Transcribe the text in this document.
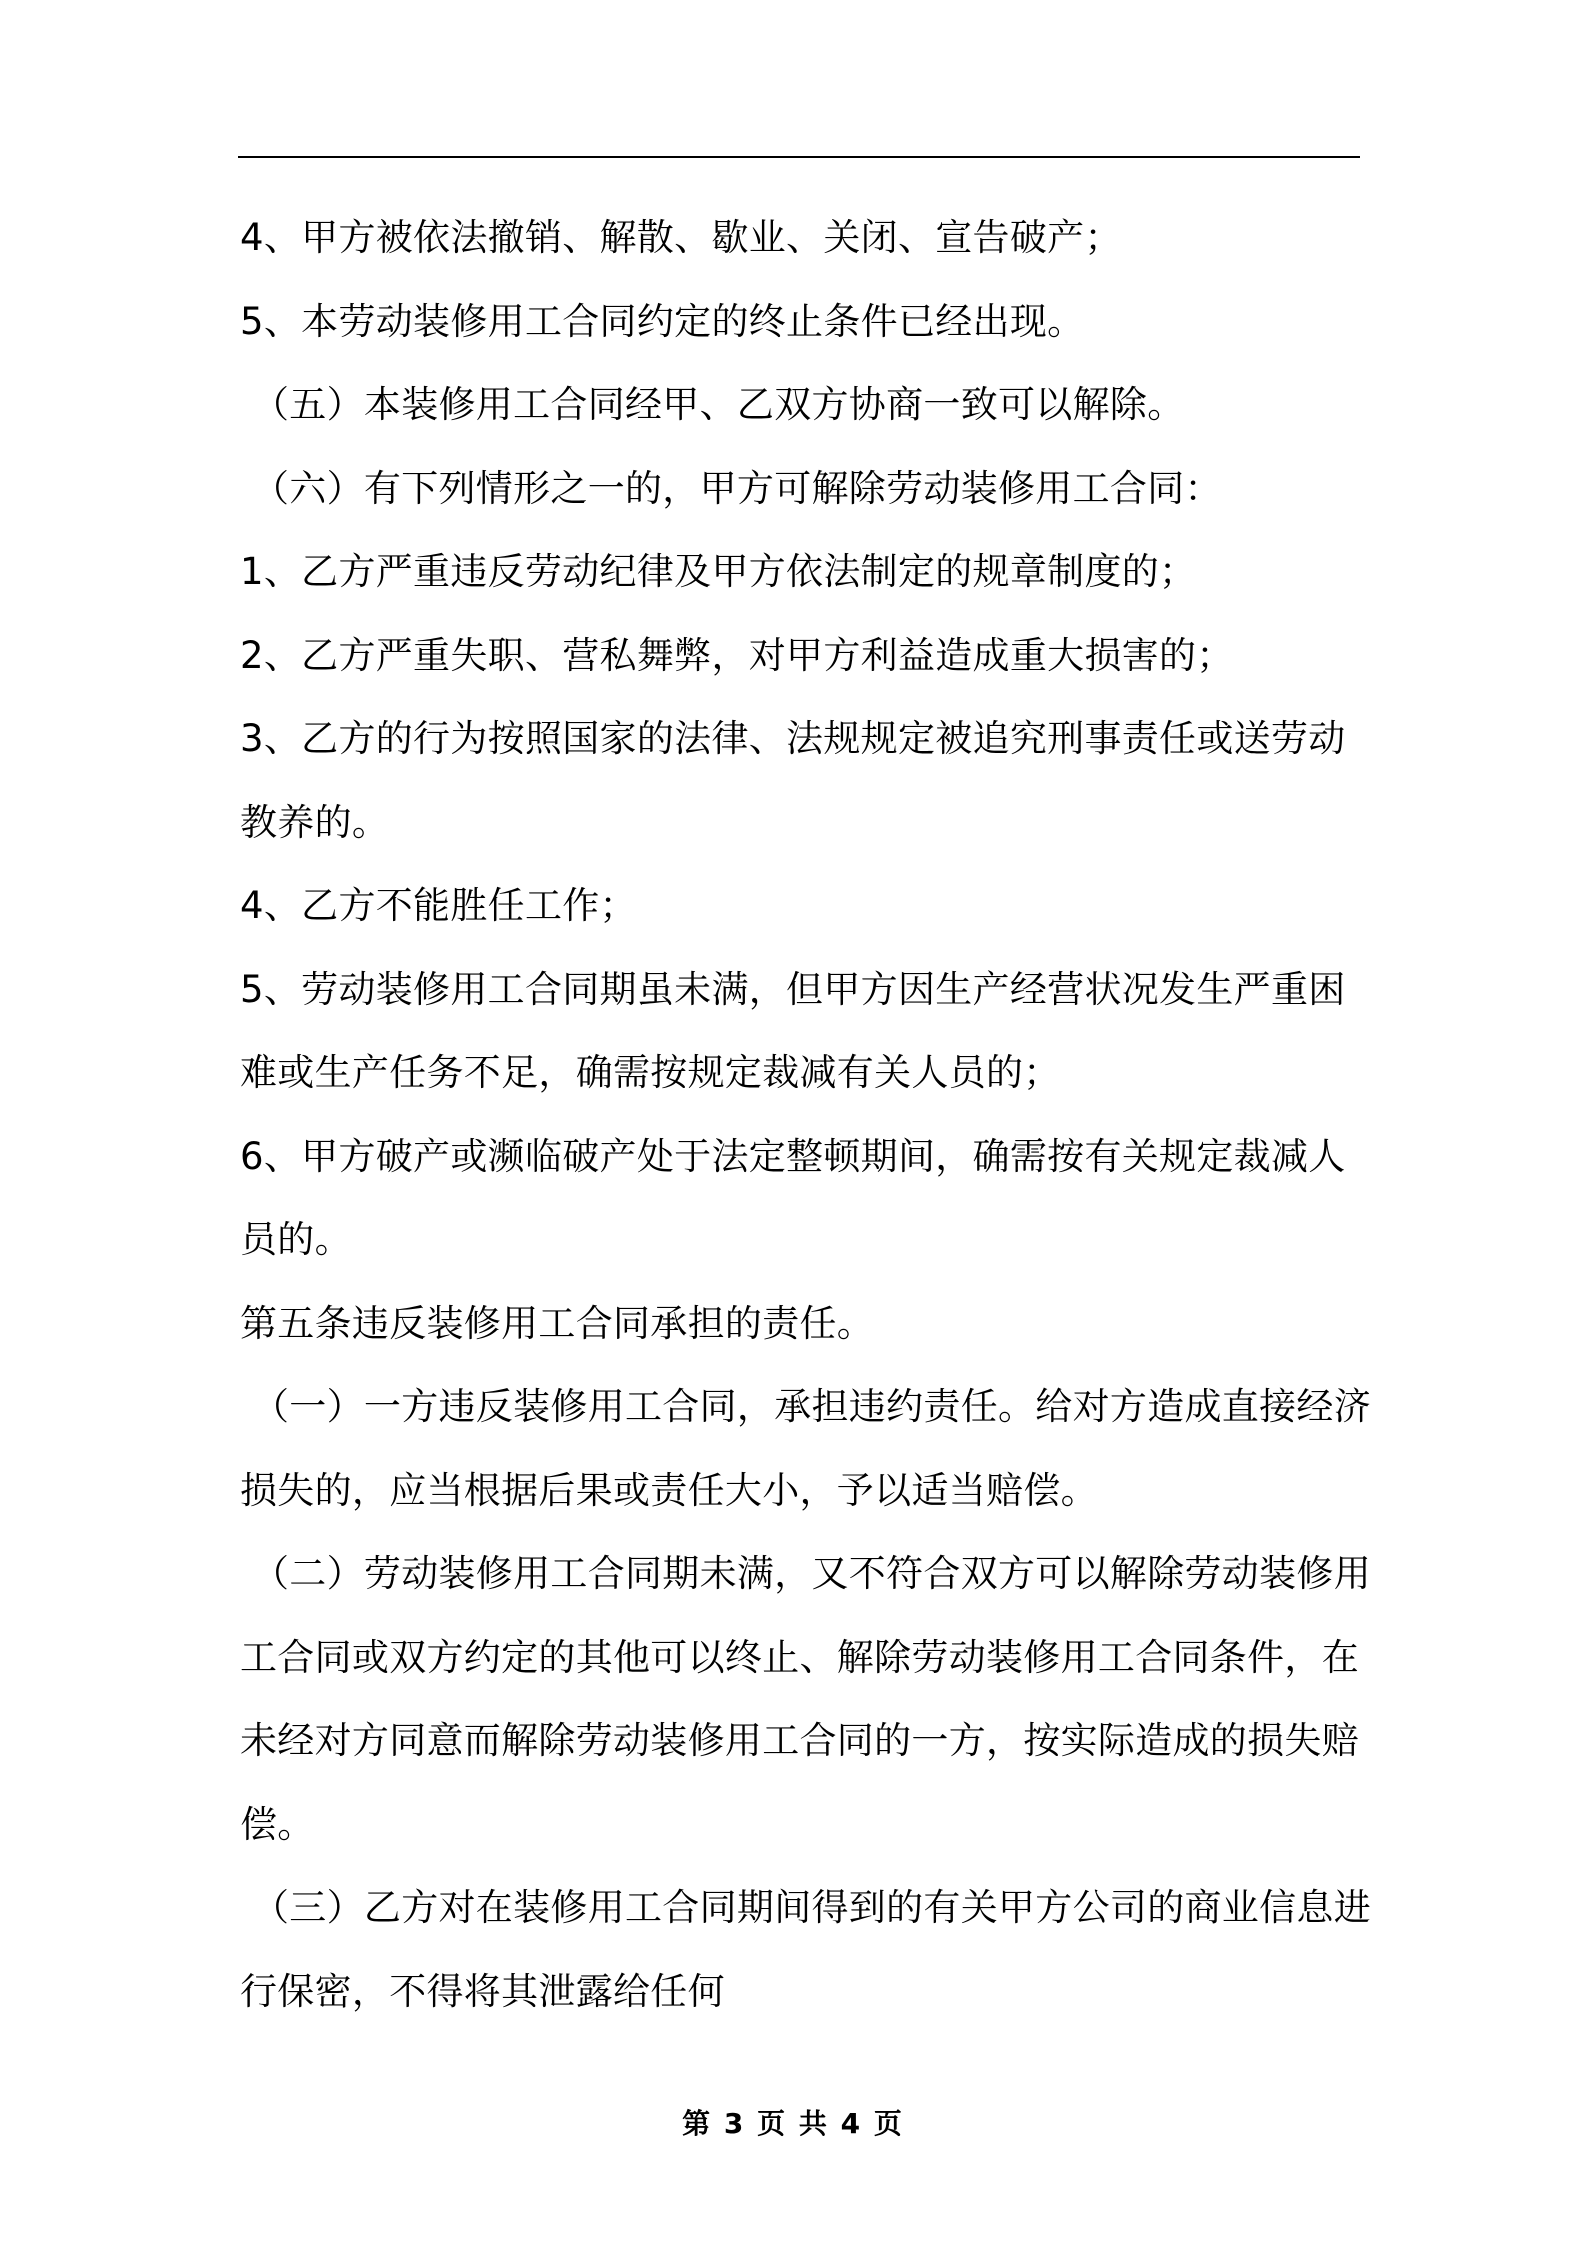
4、甲方被依法撤销、解散、歇业、关闭、宣告破产；
5、本劳动装修用工合同约定的终止条件已经出现。
（五）本装修用工合同经甲、乙双方协商一致可以解除。
（六）有下列情形之一的，甲方可解除劳动装修用工合同：
1、乙方严重违反劳动纪律及甲方依法制定的规章制度的；
2、乙方严重失职、营私舞弊，对甲方利益造成重大损害的；
3、乙方的行为按照国家的法律、法规规定被追究刑事责任或送劳动
教养的。
4、乙方不能胜任工作；
5、劳动装修用工合同期虽未满，但甲方因生产经营状况发生严重困
难或生产任务不足，确需按规定裁减有关人员的；
6、甲方破产或濒临破产处于法定整顿期间，确需按有关规定裁减人
员的。
第五条违反装修用工合同承担的责任。
（一）一方违反装修用工合同，承担违约责任。给对方造成直接经济
损失的，应当根据后果或责任大小，予以适当赔偿。
（二）劳动装修用工合同期未满，又不符合双方可以解除劳动装修用
工合同或双方约定的其他可以终止、解除劳动装修用工合同条件，在
未经对方同意而解除劳动装修用工合同的一方，按实际造成的损失赔
偿。
（三）乙方对在装修用工合同期间得到的有关甲方公司的商业信息进
行保密，不得将其泄露给任何
第 3 页 共 4 页
